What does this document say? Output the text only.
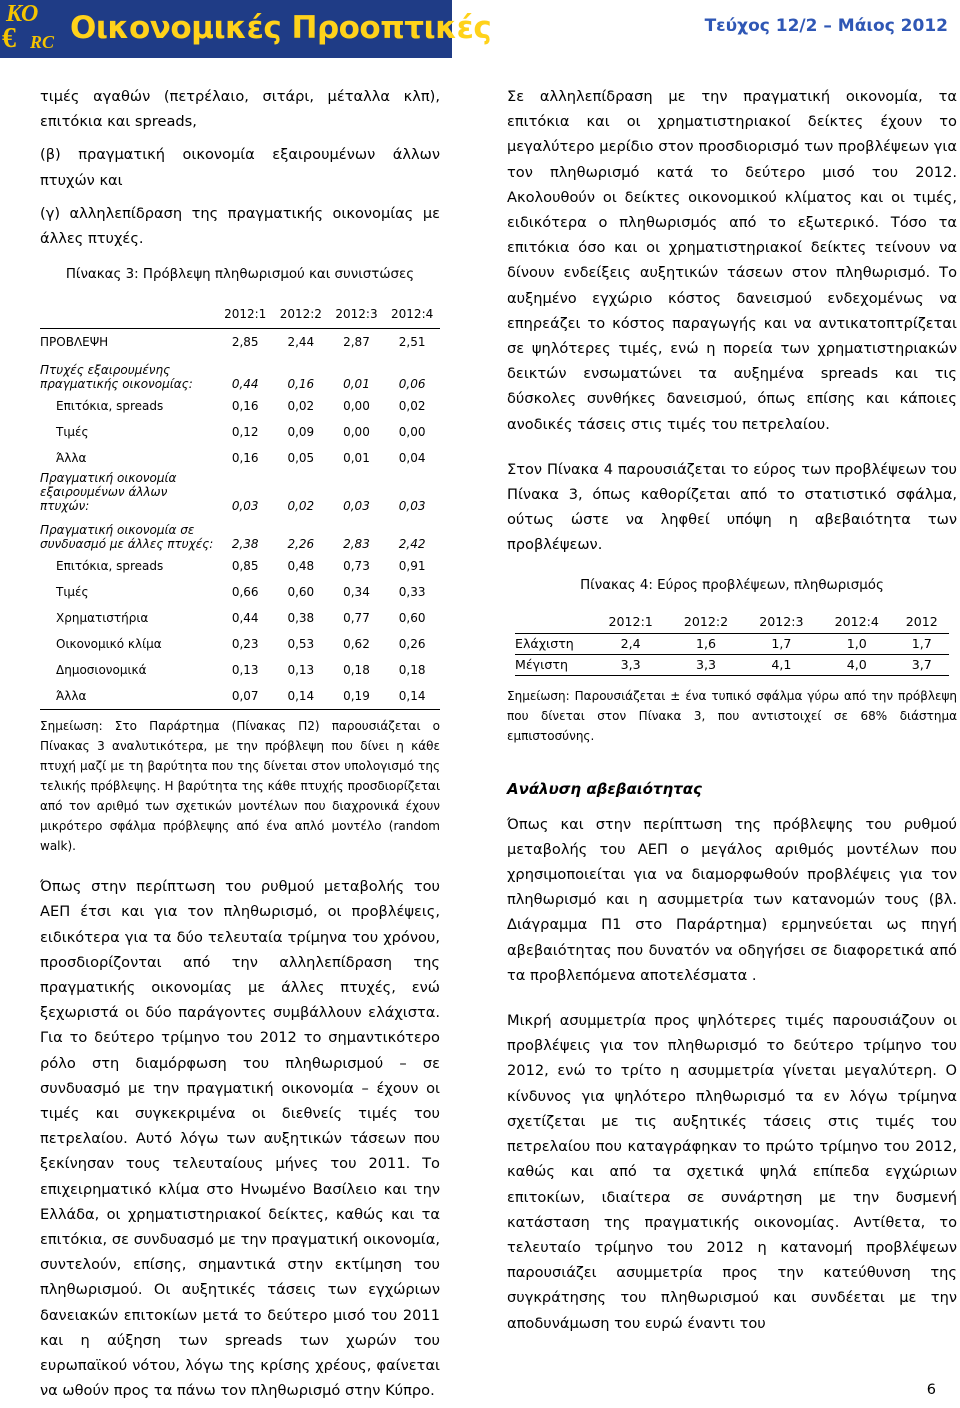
ΚΟ
€ RC Οικονομικές Προοπτικές	Τεύχος 12/2 – Μάιος 2012

τιμές αγαθών (πετρέλαιο, σιτάρι, μέταλλα κλπ), επιτόκια και spreads,

(β) πραγματική οικονομία εξαιρουμένων άλλων πτυχών και

(γ) αλληλεπίδραση της πραγματικής οικονομίας με άλλες πτυχές.

Πίνακας 3: Πρόβλεψη πληθωρισμού και συνιστώσες

	2012:1	2012:2	2012:3	2012:4
ΠΡΟΒΛΕΨΗ	2,85	2,44	2,87	2,51
Πτυχές εξαιρουμένης πραγματικής οικονομίας:	0,44	0,16	0,01	0,06
Επιτόκια, spreads	0,16	0,02	0,00	0,02
Τιμές	0,12	0,09	0,00	0,00
Άλλα	0,16	0,05	0,01	0,04
Πραγματική οικονομία εξαιρουμένων άλλων πτυχών:	0,03	0,02	0,03	0,03
Πραγματική οικονομία σε συνδυασμό με άλλες πτυχές:	2,38	2,26	2,83	2,42
Επιτόκια, spreads	0,85	0,48	0,73	0,91
Τιμές	0,66	0,60	0,34	0,33
Χρηματιστήρια	0,44	0,38	0,77	0,60
Οικονομικό κλίμα	0,23	0,53	0,62	0,26
Δημοσιονομικά	0,13	0,13	0,18	0,18
Άλλα	0,07	0,14	0,19	0,14

Σημείωση: Στο Παράρτημα (Πίνακας Π2) παρουσιάζεται ο Πίνακας 3 αναλυτικότερα, με την πρόβλεψη που δίνει η κάθε πτυχή μαζί με τη βαρύτητα που της δίνεται στον υπολογισμό της τελικής πρόβλεψης. Η βαρύτητα της κάθε πτυχής προσδιορίζεται από τον αριθμό των σχετικών μοντέλων που διαχρονικά έχουν μικρότερο σφάλμα πρόβλεψης από ένα απλό μοντέλο (random walk).

Όπως στην περίπτωση του ρυθμού μεταβολής του ΑΕΠ έτσι και για τον πληθωρισμό, οι προβλέψεις, ειδικότερα για τα δύο τελευταία τρίμηνα του χρόνου, προσδιορίζονται από την αλληλεπίδραση της πραγματικής οικονομίας με άλλες πτυχές, ενώ ξεχωριστά οι δύο παράγοντες συμβάλλουν ελάχιστα. Για το δεύτερο τρίμηνο του 2012 το σημαντικότερο ρόλο στη διαμόρφωση του πληθωρισμού – σε συνδυασμό με την πραγματική οικονομία – έχουν οι τιμές και συγκεκριμένα οι διεθνείς τιμές του πετρελαίου. Αυτό λόγω των αυξητικών τάσεων που ξεκίνησαν τους τελευταίους μήνες του 2011. Το επιχειρηματικό κλίμα στο Ηνωμένο Βασίλειο και την Ελλάδα, οι χρηματιστηριακοί δείκτες, καθώς και τα επιτόκια, σε συνδυασμό με την πραγματική οικονομία, συντελούν, επίσης, σημαντικά στην εκτίμηση του πληθωρισμού. Οι αυξητικές τάσεις των εγχώριων δανειακών επιτοκίων μετά το δεύτερο μισό του 2011 και η αύξηση των spreads των χωρών του ευρωπαϊκού νότου, λόγω της κρίσης χρέους, φαίνεται να ωθούν προς τα πάνω τον πληθωρισμό στην Κύπρο.

Σε αλληλεπίδραση με την πραγματική οικονομία, τα επιτόκια και οι χρηματιστηριακοί δείκτες έχουν το μεγαλύτερο μερίδιο στον προσδιορισμό των προβλέψεων για τον πληθωρισμό κατά το δεύτερο μισό του 2012. Ακολουθούν οι δείκτες οικονομικού κλίματος και οι τιμές, ειδικότερα ο πληθωρισμός από το εξωτερικό. Τόσο τα επιτόκια όσο και οι χρηματιστηριακοί δείκτες τείνουν να δίνουν ενδείξεις αυξητικών τάσεων στον πληθωρισμό. Το αυξημένο εγχώριο κόστος δανεισμού ενδεχομένως να επηρεάζει το κόστος παραγωγής και να αντικατοπτρίζεται σε ψηλότερες τιμές, ενώ η πορεία των χρηματιστηριακών δεικτών ενσωματώνει τα αυξημένα spreads και τις δύσκολες συνθήκες δανεισμού, όπως επίσης και κάποιες ανοδικές τάσεις στις τιμές του πετρελαίου.

Στον Πίνακα 4 παρουσιάζεται το εύρος των προβλέψεων του Πίνακα 3, όπως καθορίζεται από το στατιστικό σφάλμα, ούτως ώστε να ληφθεί υπόψη η αβεβαιότητα των προβλέψεων.

Πίνακας 4: Εύρος προβλέψεων, πληθωρισμός

	2012:1	2012:2	2012:3	2012:4	2012
Ελάχιστη	2,4	1,6	1,7	1,0	1,7
Μέγιστη	3,3	3,3	4,1	4,0	3,7

Σημείωση: Παρουσιάζεται ± ένα τυπικό σφάλμα γύρω από την πρόβλεψη που δίνεται στον Πίνακα 3, που αντιστοιχεί σε 68% διάστημα εμπιστοσύνης.

Ανάλυση αβεβαιότητας

Όπως και στην περίπτωση της πρόβλεψης του ρυθμού μεταβολής του ΑΕΠ ο μεγάλος αριθμός μοντέλων που χρησιμοποιείται για να διαμορφωθούν προβλέψεις για τον πληθωρισμό και η ασυμμετρία των κατανομών τους (βλ. Διάγραμμα Π1 στο Παράρτημα) ερμηνεύεται ως πηγή αβεβαιότητας που δυνατόν να οδηγήσει σε διαφορετικά από τα προβλεπόμενα αποτελέσματα .

Μικρή ασυμμετρία προς ψηλότερες τιμές παρουσιάζουν οι προβλέψεις για τον πληθωρισμό το δεύτερο τρίμηνο του 2012, ενώ το τρίτο η ασυμμετρία γίνεται μεγαλύτερη. Ο κίνδυνος για ψηλότερο πληθωρισμό τα εν λόγω τρίμηνα σχετίζεται με τις αυξητικές τάσεις στις τιμές του πετρελαίου που καταγράφηκαν το πρώτο τρίμηνο του 2012, καθώς και από τα σχετικά ψηλά επίπεδα εγχώριων επιτοκίων, ιδιαίτερα σε συνάρτηση με την δυσμενή κατάσταση της πραγματικής οικονομίας. Αντίθετα, το τελευταίο τρίμηνο του 2012 η κατανομή προβλέψεων παρουσιάζει ασυμμετρία προς την κατεύθυνση της συγκράτησης του πληθωρισμού και συνδέεται με την αποδυνάμωση του ευρώ έναντι του

6
